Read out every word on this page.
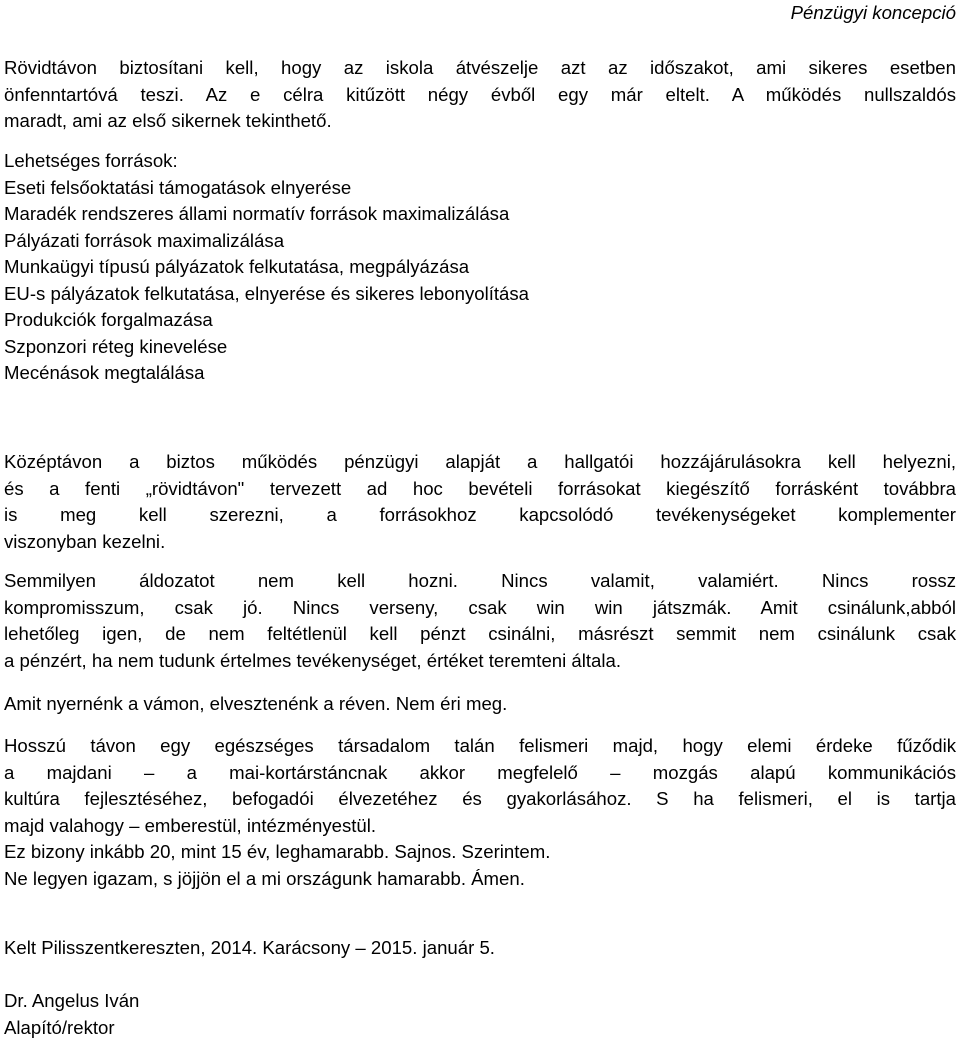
Pénzügyi koncepció
Rövidtávon biztosítani kell, hogy az iskola átvészelje azt az időszakot, ami sikeres esetben
önfenntartóvá teszi. Az e célra kitűzött négy évből egy már eltelt. A működés nullszaldós
maradt, ami az első sikernek tekinthető.
Lehetséges források:
Eseti felsőoktatási támogatások elnyerése
Maradék rendszeres állami normatív források maximalizálása
Pályázati források maximalizálása
Munkaügyi típusú pályázatok felkutatása, megpályázása
EU-s pályázatok felkutatása, elnyerése és sikeres lebonyolítása
Produkciók forgalmazása
Szponzori réteg kinevelése
Mecénások megtalálása
Középtávon a biztos működés pénzügyi alapját a hallgatói hozzájárulásokra kell helyezni,
és a fenti „rövidtávon" tervezett ad hoc bevételi forrásokat kiegészítő forrásként továbbra
is meg kell szerezni, a forrásokhoz kapcsolódó tevékenységeket komplementer
viszonyban kezelni.
Semmilyen áldozatot nem kell hozni. Nincs valamit, valamiért. Nincs rossz
kompromisszum, csak jó. Nincs verseny, csak win win játszmák. Amit csinálunk,abból
lehetőleg igen, de nem feltétlenül kell pénzt csinálni, másrészt semmit nem csinálunk csak
a pénzért, ha nem tudunk értelmes tevékenységet, értéket teremteni általa.
Amit nyernénk a vámon, elvesztenénk a réven. Nem éri meg.
Hosszú távon egy egészséges társadalom talán felismeri majd, hogy elemi érdeke fűződik
a majdani – a mai-kortárstáncnak akkor megfelelő – mozgás alapú kommunikációs
kultúra fejlesztéséhez, befogadói élvezetéhez és gyakorlásához. S ha felismeri, el is tartja
majd valahogy – emberestül, intézményestül.
Ez bizony inkább 20, mint 15 év, leghamarabb. Sajnos. Szerintem.
Ne legyen igazam, s jöjjön el a mi országunk hamarabb. Ámen.
Kelt Pilisszentkereszten, 2014. Karácsony – 2015. január 5.
Dr. Angelus Iván
Alapító/rektor
